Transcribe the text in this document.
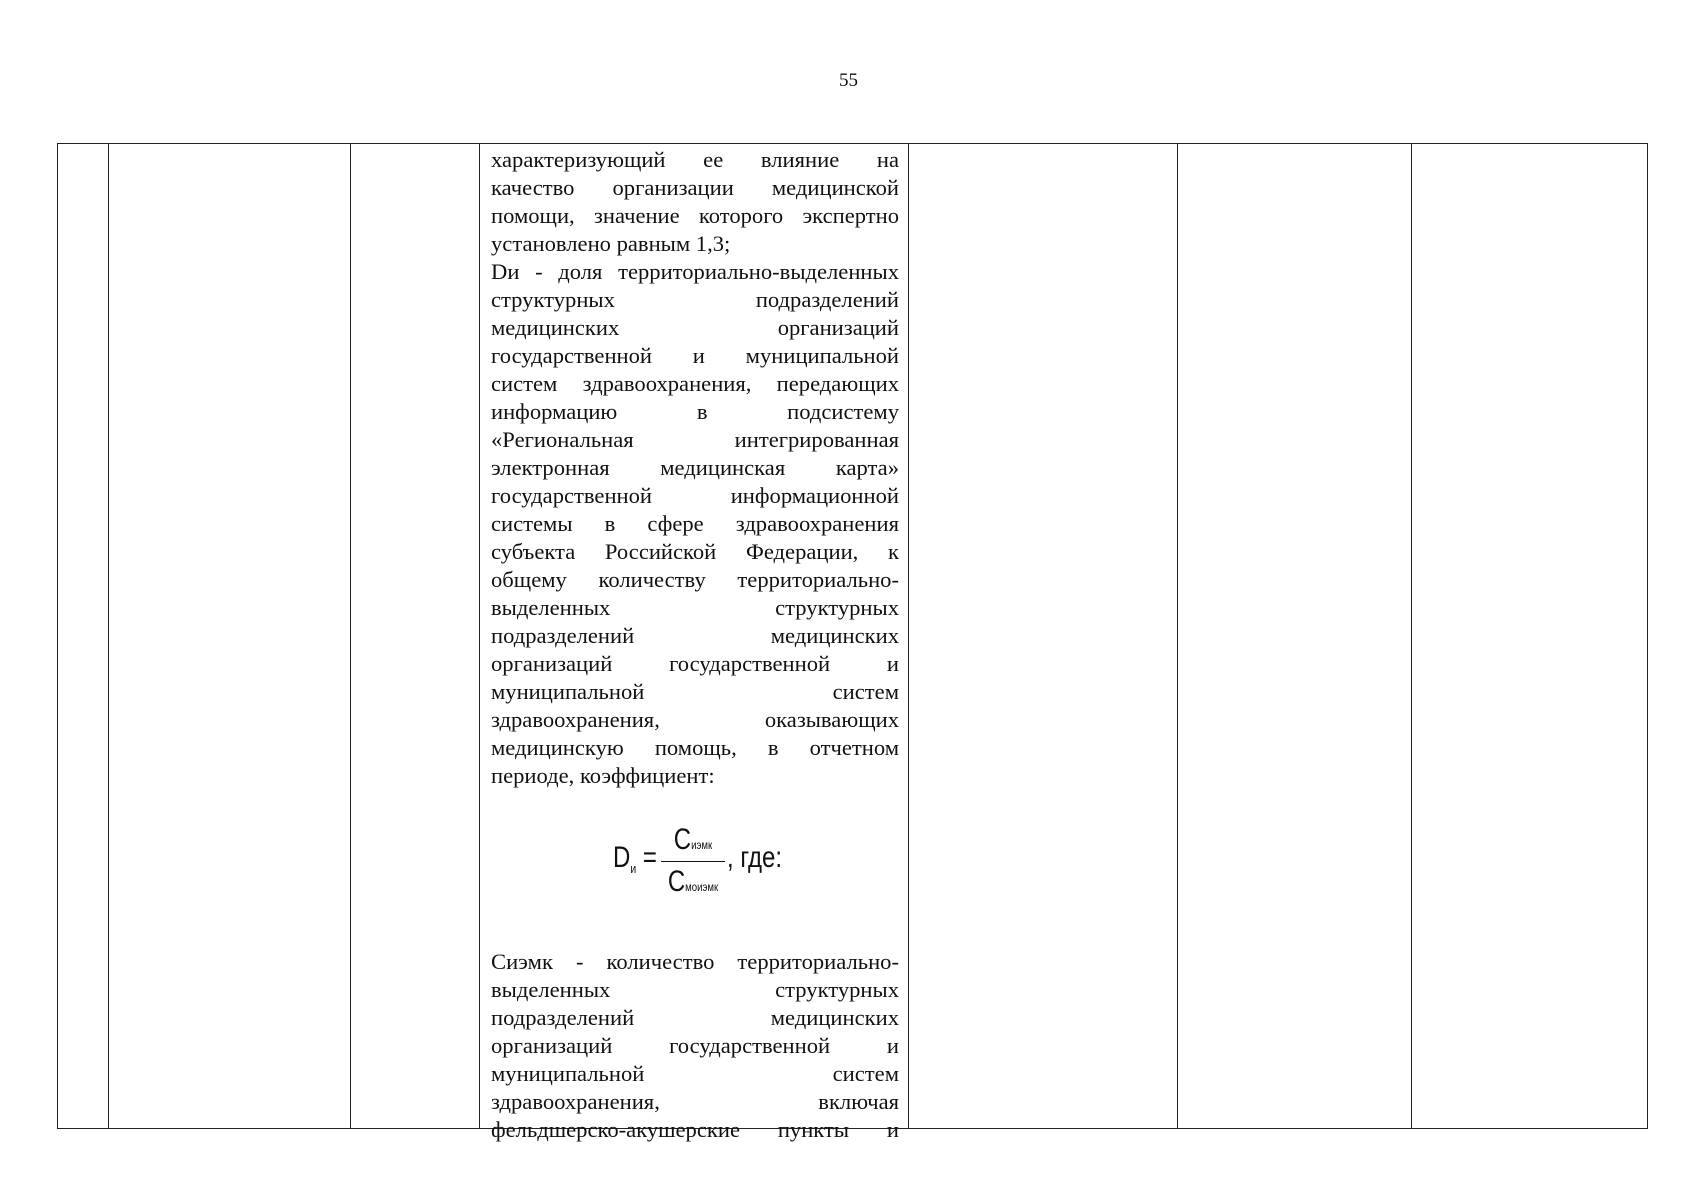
55
характеризующий ее влияние на
качество организации медицинской
помощи, значение которого экспертно
установлено равным 1,3;
Dи - доля территориально-выделенных
структурных подразделений
медицинских организаций
государственной и муниципальной
систем здравоохранения, передающих
информацию в подсистему
«Региональная интегрированная
электронная медицинская карта»
государственной информационной
системы в сфере здравоохранения
субъекта Российской Федерации, к
общему количеству территориально-
выделенных структурных
подразделений медицинских
организаций государственной и
муниципальной систем
здравоохранения, оказывающих
медицинскую помощь, в отчетном
периоде, коэффициент:
$D_и$ =
Cиэмк
Cмоиэмк
, где:
Сиэмк - количество территориально-
выделенных структурных
подразделений медицинских
организаций государственной и
муниципальной систем
здравоохранения, включая
фельдшерско-акушерские пункты и
